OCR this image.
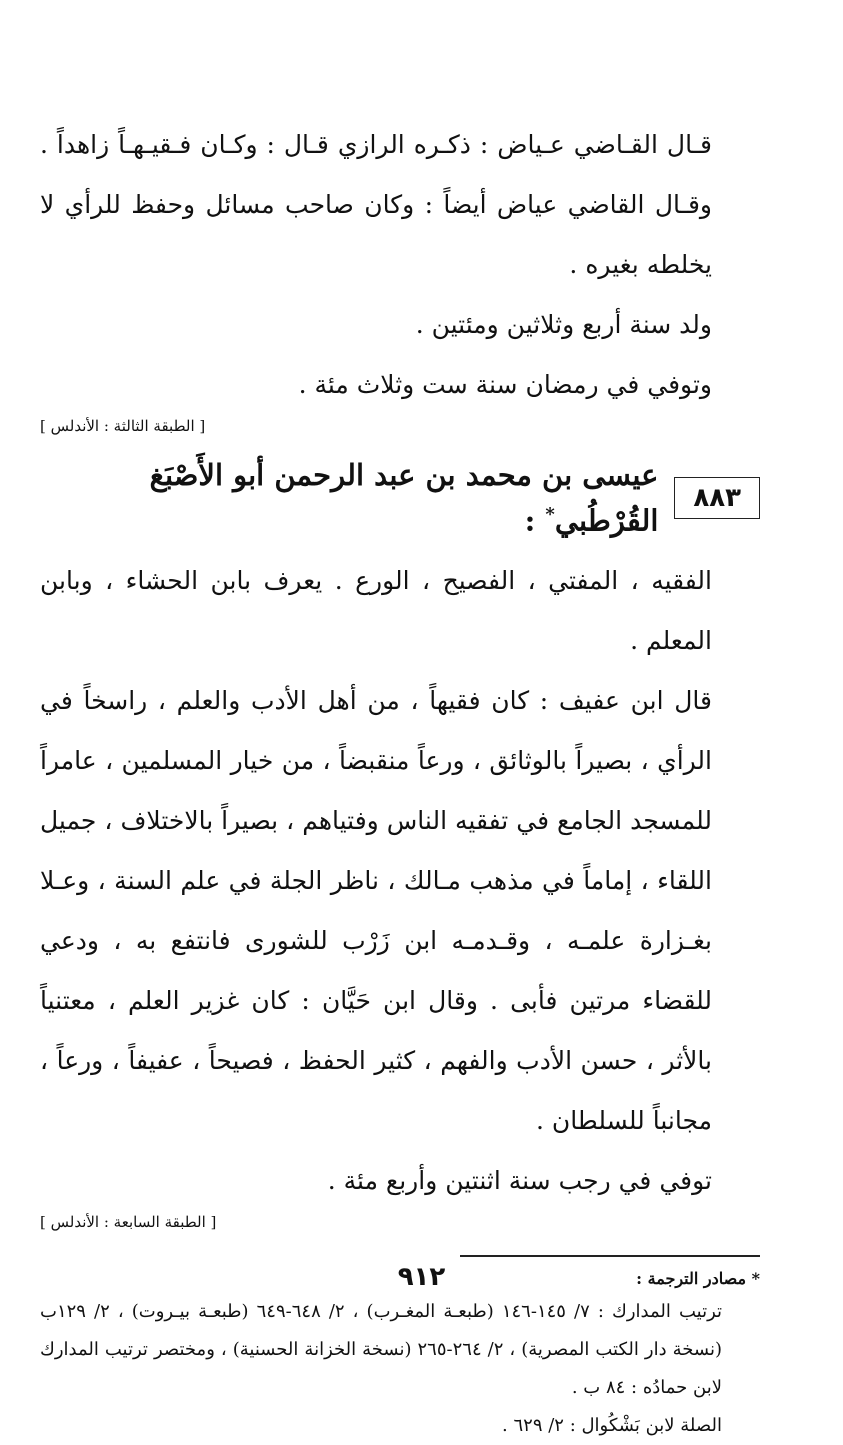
قـال القـاضي عـياض : ذكـره الرازي قـال : وكـان فـقيـهـاً زاهداً . وقـال القاضي عياض أيضاً : وكان صاحب مسائل وحفظ للرأي لا يخلطه بغيره .

ولد سنة أربع وثلاثين ومئتين .

وتوفي في رمضان سنة ست وثلاث مئة .

[ الطبقة الثالثة : الأندلس ]

٨٨٣
عيسى بن محمد بن عبد الرحمن أبو الأَصْبَغ القُرْطُبي* :

الفقيه ، المفتي ، الفصيح ، الورع . يعرف بابن الحشاء ، وبابن المعلم .

قال ابن عفيف : كان فقيهاً ، من أهل الأدب والعلم ، راسخاً في الرأي ، بصيراً بالوثائق ، ورعاً منقبضاً ، من خيار المسلمين ، عامراً للمسجد الجامع في تفقيه الناس وفتياهم ، بصيراً بالاختلاف ، جميل اللقاء ، إماماً في مذهب مـالك ، ناظر الجلة في علم السنة ، وعـلا بغـزارة علمـه ، وقـدمـه ابن زَرْب للشورى فانتفع به ، ودعي للقضاء مرتين فأبى . وقال ابن حَيَّان : كان غزير العلم ، معتنياً بالأثر ، حسن الأدب والفهم ، كثير الحفظ ، فصيحاً ، عفيفاً ، ورعاً ، مجانباً للسلطان .

توفي في رجب سنة اثنتين وأربع مئة .

[ الطبقة السابعة : الأندلس ]

* مصادر الترجمة :

ترتيب المدارك : ٧/ ١٤٥-١٤٦ (طبعـة المغـرب) ، ٢/ ٦٤٨-٦٤٩ (طبعـة بيـروت) ، ٢/ ١٢٩ب (نسخة دار الكتب المصرية) ، ٢/ ٢٦٤-٢٦٥ (نسخة الخزانة الحسنية) ، ومختصر ترتيب المدارك لابن حمادُه : ٨٤ ب .

الصلة لابن بَشْكُوال : ٢/ ٦٢٩ .

٩١٢
